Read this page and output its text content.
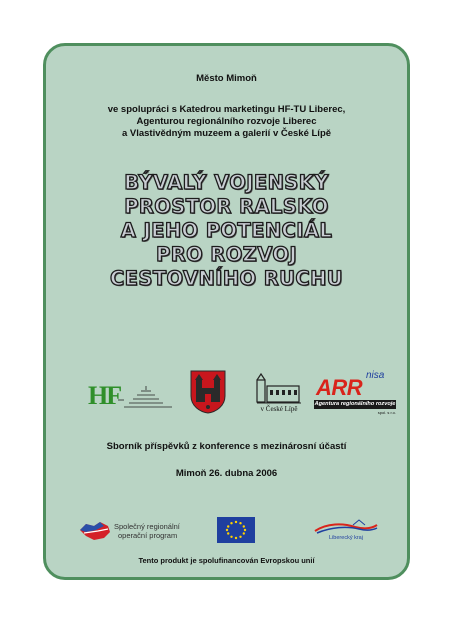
Město Mimoň
ve spolupráci s Katedrou marketingu HF-TU Liberec,
Agenturou regionálního rozvoje Liberec
a Vlastivědným muzeem a galerií v České Lípě
BÝVALÝ VOJENSKÝ
PROSTOR RALSKO
A JEHO POTENCIÁL
PRO ROZVOJ
CESTOVNÍHO RUCHU
HF	v České Lípě
nisa
ARR
Agentura regionálního rozvoje
spol. s r.o.
Sborník příspěvků z konference s mezinárosní účastí
Mimoň 26. dubna 2006
Společný regionální
operační program	Liberecký kraj
Tento produkt je spolufinancován Evropskou unií
